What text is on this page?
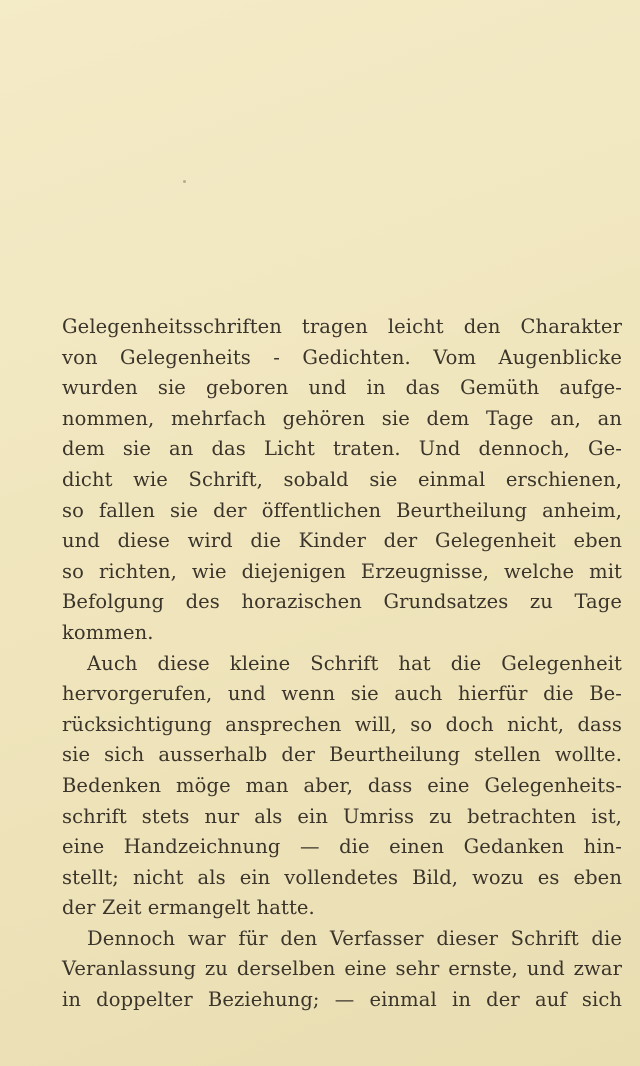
Gelegenheitsschriften tragen leicht den Charakter
von Gelegenheits - Gedichten. Vom Augenblicke
wurden sie geboren und in das Gemüth aufge-
nommen, mehrfach gehören sie dem Tage an, an
dem sie an das Licht traten. Und dennoch, Ge-
dicht wie Schrift, sobald sie einmal erschienen,
so fallen sie der öffentlichen Beurtheilung anheim,
und diese wird die Kinder der Gelegenheit eben
so richten, wie diejenigen Erzeugnisse, welche mit
Befolgung des horazischen Grundsatzes zu Tage
kommen.
Auch diese kleine Schrift hat die Gelegenheit
hervorgerufen, und wenn sie auch hierfür die Be-
rücksichtigung ansprechen will, so doch nicht, dass
sie sich ausserhalb der Beurtheilung stellen wollte.
Bedenken möge man aber, dass eine Gelegenheits-
schrift stets nur als ein Umriss zu betrachten ist,
eine Handzeichnung — die einen Gedanken hin-
stellt; nicht als ein vollendetes Bild, wozu es eben
der Zeit ermangelt hatte.
Dennoch war für den Verfasser dieser Schrift die
Veranlassung zu derselben eine sehr ernste, und zwar
in doppelter Beziehung; — einmal in der auf sich
